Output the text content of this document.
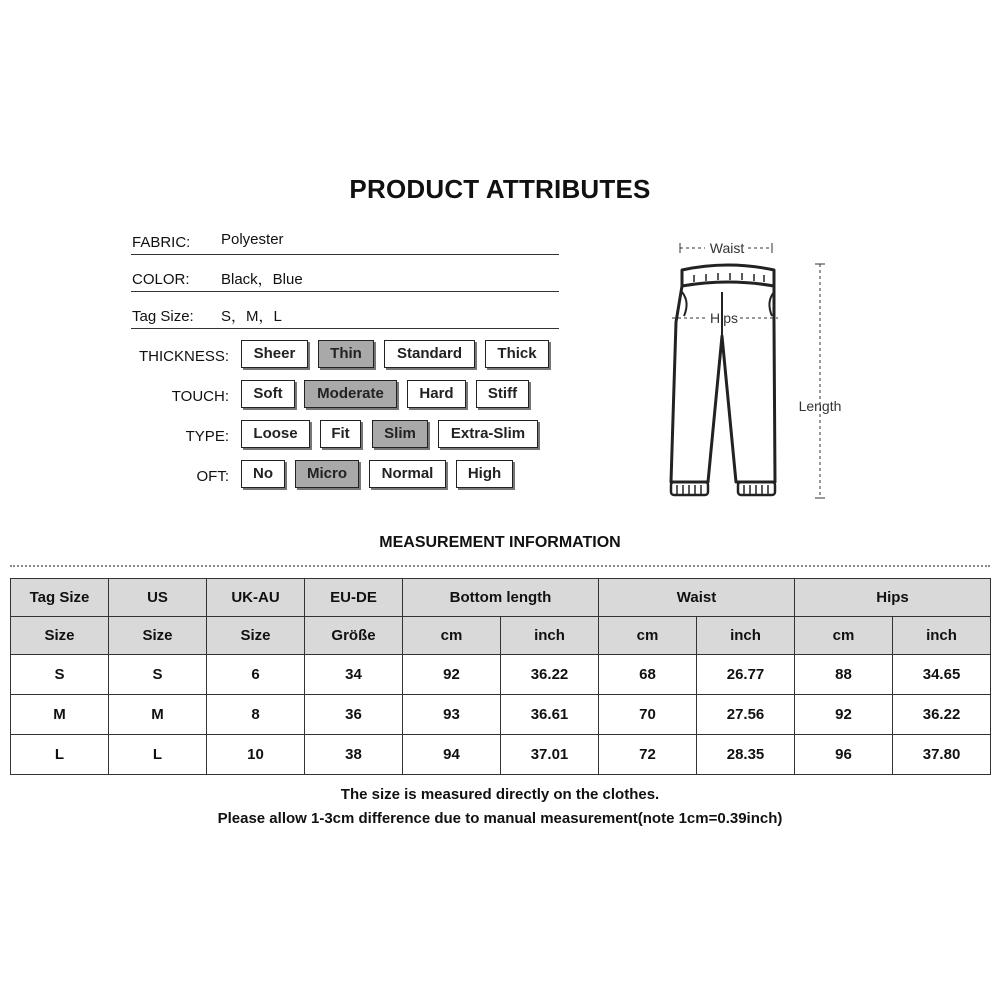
PRODUCT ATTRIBUTES
FABRIC: Polyester
COLOR: Black，Blue
Tag Size: S，M，L
THICKNESS:	Sheer	Thin	Standard	Thick
TOUCH:	Soft	Moderate	Hard	Stiff
TYPE:	Loose	Fit	Slim	Extra-Slim
OFT:	No	Micro	Normal	High
Waist
Hips
Length
MEASUREMENT INFORMATION
Tag Size	US	UK-AU	EU-DE	Bottom length		Waist		Hips	
Size	Size	Size	Größe	cm	inch	cm	inch	cm	inch
S	S	6	34	92	36.22	68	26.77	88	34.65
M	M	8	36	93	36.61	70	27.56	92	36.22
L	L	10	38	94	37.01	72	28.35	96	37.80
The size is measured directly on the clothes.
Please allow 1-3cm difference due to manual measurement(note 1cm=0.39inch)
